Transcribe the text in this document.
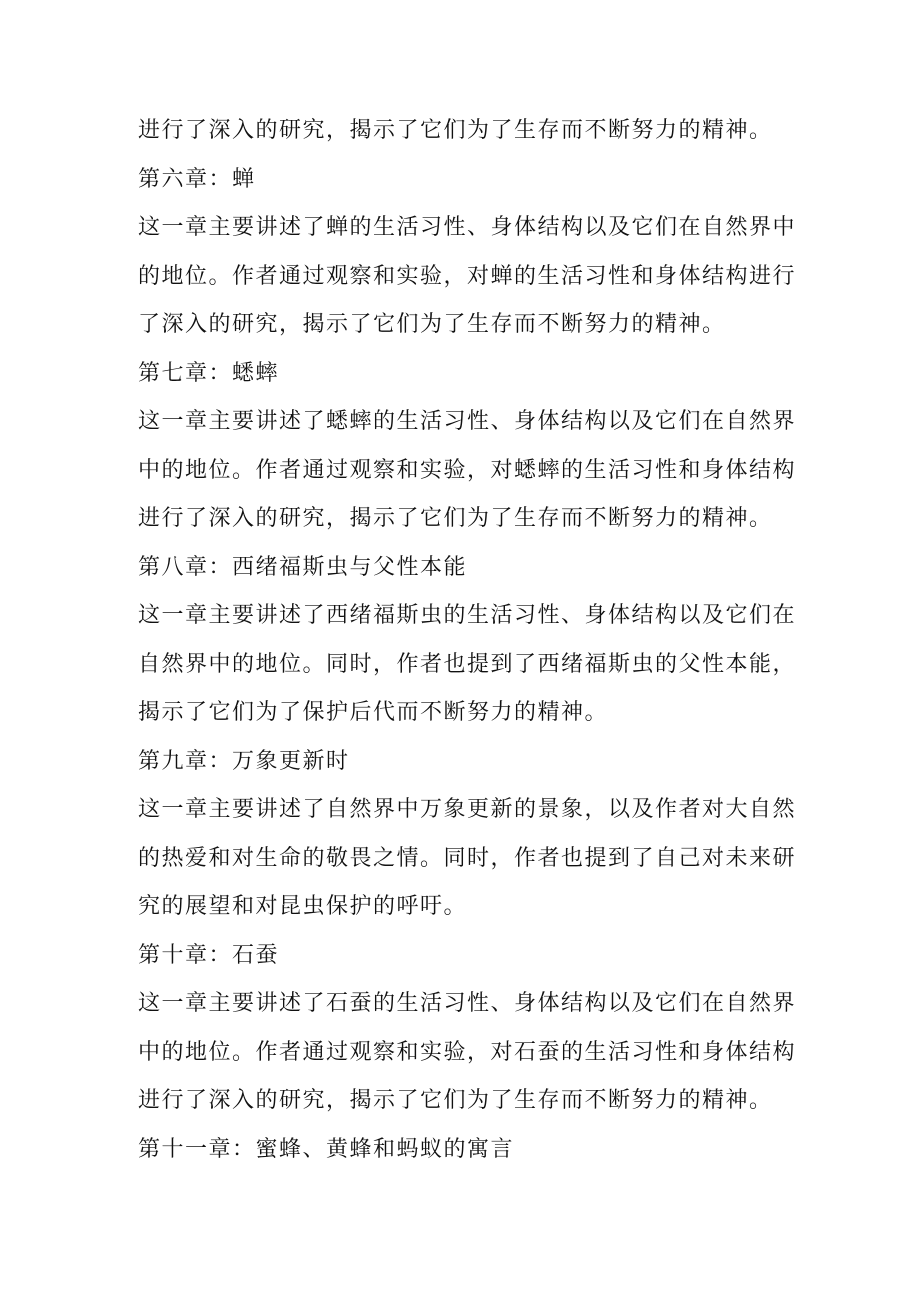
进行了深入的研究，揭示了它们为了生存而不断努力的精神。
第六章：蝉
这一章主要讲述了蝉的生活习性、身体结构以及它们在自然界中
的地位。作者通过观察和实验，对蝉的生活习性和身体结构进行
了深入的研究，揭示了它们为了生存而不断努力的精神。
第七章：蟋蟀
这一章主要讲述了蟋蟀的生活习性、身体结构以及它们在自然界
中的地位。作者通过观察和实验，对蟋蟀的生活习性和身体结构
进行了深入的研究，揭示了它们为了生存而不断努力的精神。
第八章：西绪福斯虫与父性本能
这一章主要讲述了西绪福斯虫的生活习性、身体结构以及它们在
自然界中的地位。同时，作者也提到了西绪福斯虫的父性本能，
揭示了它们为了保护后代而不断努力的精神。
第九章：万象更新时
这一章主要讲述了自然界中万象更新的景象，以及作者对大自然
的热爱和对生命的敬畏之情。同时，作者也提到了自己对未来研
究的展望和对昆虫保护的呼吁。
第十章：石蚕
这一章主要讲述了石蚕的生活习性、身体结构以及它们在自然界
中的地位。作者通过观察和实验，对石蚕的生活习性和身体结构
进行了深入的研究，揭示了它们为了生存而不断努力的精神。
第十一章：蜜蜂、黄蜂和蚂蚁的寓言
